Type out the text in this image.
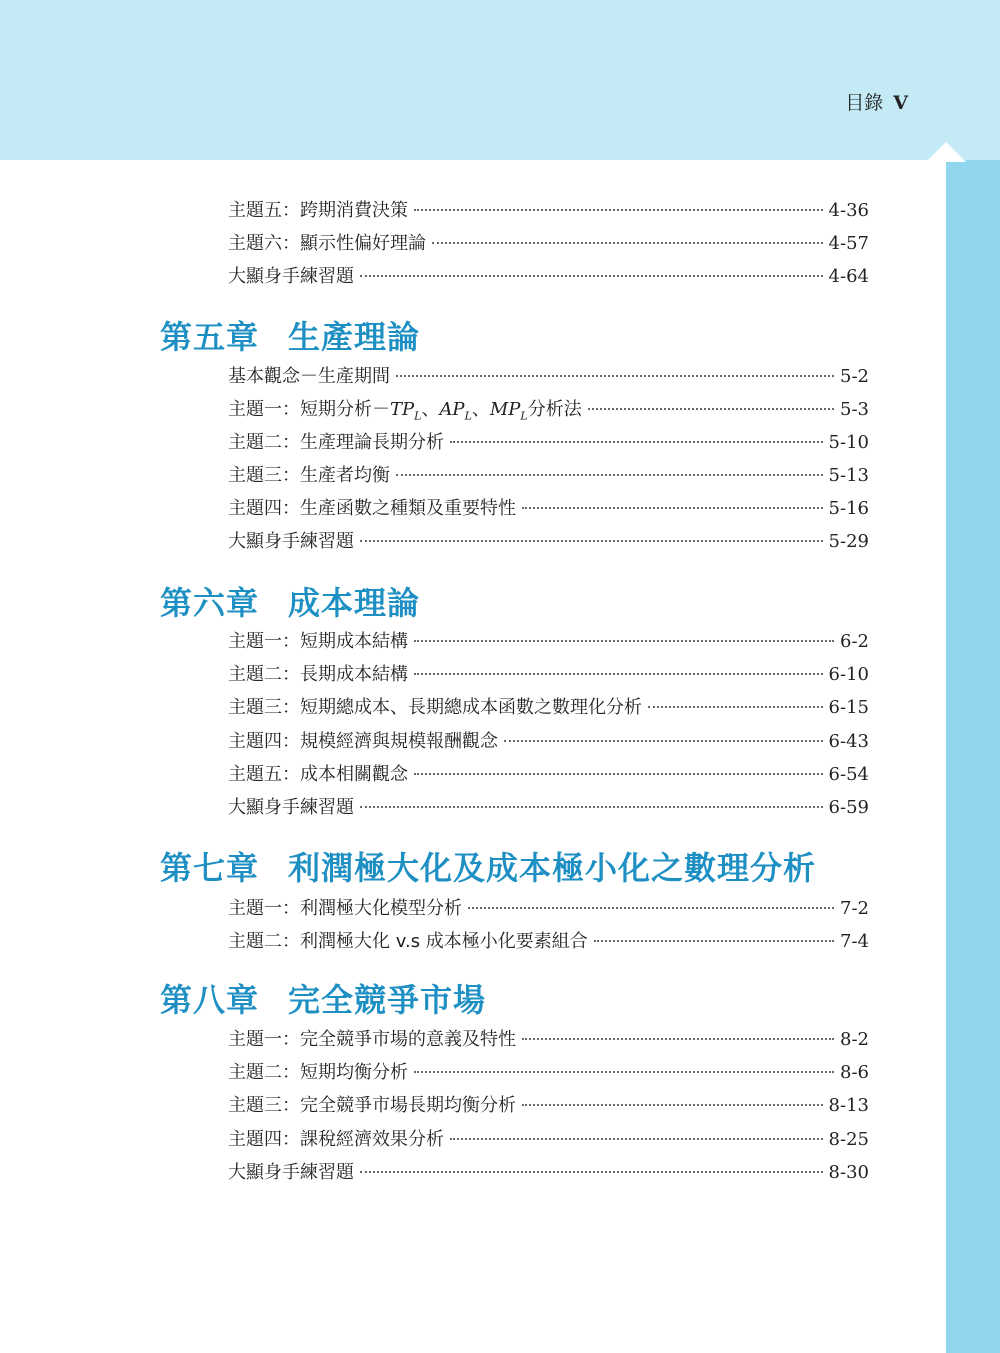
目錄 V
主題五：跨期消費決策	4-36
主題六：顯示性偏好理論	4-57
大顯身手練習題	4-64
第五章 生產理論
基本觀念－生產期間	5-2
主題一：短期分析$-TP_L$、$AP_L$、$MP_L$分析法	5-3
主題二：生產理論長期分析	5-10
主題三：生產者均衡	5-13
主題四：生產函數之種類及重要特性	5-16
大顯身手練習題	5-29
第六章 成本理論
主題一：短期成本結構	6-2
主題二：長期成本結構	6-10
主題三：短期總成本、長期總成本函數之數理化分析	6-15
主題四：規模經濟與規模報酬觀念	6-43
主題五：成本相關觀念	6-54
大顯身手練習題	6-59
第七章 利潤極大化及成本極小化之數理分析
主題一：利潤極大化模型分析	7-2
主題二：利潤極大化 v.s 成本極小化要素組合	7-4
第八章 完全競爭市場
主題一：完全競爭市場的意義及特性	8-2
主題二：短期均衡分析	8-6
主題三：完全競爭市場長期均衡分析	8-13
主題四：課稅經濟效果分析	8-25
大顯身手練習題	8-30
